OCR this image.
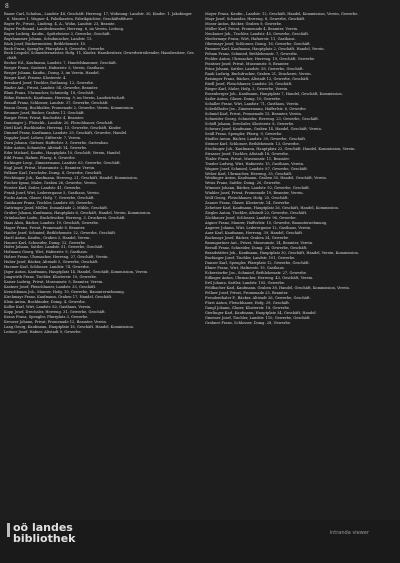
8
Bauer Carl, Schuhm., Landstr. 48, Geschäft: Herreng. 17, Wohnung: Landstr. 30, Kinder: 1. Jakobinger 6, Maurer 1, Wagner 4, Fabrikanten, Fabrikpächter, Geschäftsführer.
Bayer Fr., Privat., Lindeng. 4, A., Wohn. Landstr. 23, Beamte.
Bayer Ferdinand, Landesbeamter, Herreng. 6, im Verein, Leitung.
Bayer Ludwig, Kaufm., Spittelwiese 3, Gewerbe, Geschäft.
Bayrhammer Johann, Schuhmacher, Landstr. 13.
Bäck Josef, Bäckermeister, Bethlehemstr. 18.
Beck Franz, Spengler, Pfarrplatz 8, Gewerbe, Gewerbe.
Beck Leopold, Schneidermeister, Hofg. 11, Kinder, Hausbesitzer, Gewerbetreibender, Hausbesitzer, Geschäft.
Becker Ed., Kaufmann, Landstr. 7, Handelskammer, Geschäft.
Berger Franz, Gastwirt, Hafnerstr. 5, Verein, Gasthaus.
Berger Johann, Kaufm., Domg. 3, im Verein, Handel.
Berger Karl, Friseur, Klosterstr. 4.
Bernhard Josef, Tischler, Rathausg. 12, Gewerbe.
Binder Ant., Privat, Landstr. 54, Gewerbe, Beamter.
Blum Franz, Uhrmacher, Schmiedg. 18, Geschäft.
Böhm Heinrich, Kaufmann, Herreng. 9, im Verein, Landwirtschaft.
Brandl Franz, Schlosser, Landstr. 37, Gewerbe, Geschäft.
Braun Georg, Buchhalter, Promenade 2, Gewerbe, Verein, Kommission.
Brunner Josef, Bäcker, Graben 11, Geschäft.
Burger Peter, Privat, Bischofstr. 4, Beamter.
Danninger J., Fleischh., Landstr. 20, Fleischhauer, Geschäft.
Dietl Karl, Buchbinder, Herreng. 15, Gewerbe, Geschäft, Kinder.
Dimmel Franz, Kaufmann, Landstr. 29, Geschäft, Gewerbe, Handel.
Doppler Josef, Lehrer, Stifterstr. 7, Verein.
Dorn Johann, Gärtner, Hafferlstr. 3, Gewerbe, Gartenbau.
Eder Anton, Schneider, Altstadt 14, Gewerbe.
Eder Michael, Kaufm., Hauptplatz 10, Geschäft, Verein, Handel.
Eibl Franz, Hafner, Pfarrg. 6, Gewerbe.
Eichinger Leop., Zimmermann, Landstr. 63, Gewerbe, Geschäft.
Engl Josef, Privat, Museumstr. 2, Beamter, Verein.
Falkner Karl, Drechsler, Domg. 8, Gewerbe, Geschäft.
Feichtinger Joh., Kaufmann, Herreng. 21, Geschäft, Handel, Kommission.
Fischer Ignaz, Maler, Graben 26, Gewerbe, Verein.
Forster Karl, Seiler, Landstr. 41, Gewerbe.
Frank Josef, Wirt, Lederergasse 5, Gasthaus, Verein.
Fuchs Anton, Glaser, Hofg. 7, Gewerbe, Geschäft.
Gaisbauer Franz, Tischler, Landstr. 68, Gewerbe.
Gattringer Josef, Müller, Donaulände 2, Mühle, Geschäft.
Gruber Johann, Kaufmann, Hauptplatz 6, Geschäft, Handel, Verein, Kommission.
Grünbacher Ludw., Buchdrucker, Herreng. 3, Druckerei, Geschäft.
Haas Alois, Bäcker, Landstr. 19, Geschäft, Gewerbe.
Hager Franz, Privat, Promenade 8, Beamter.
Haider Josef, Schmied, Bethlehemstr. 22, Gewerbe, Geschäft.
Hartl Anton, Kaufm., Graben 3, Handel, Verein.
Hauser Karl, Schneider, Domg. 12, Gewerbe.
Hofer Johann, Sattler, Landstr. 51, Gewerbe, Geschäft.
Hofmann Georg, Wirt, Hafnerstr. 9, Gasthaus.
Holzer Franz, Uhrmacher, Herreng. 27, Geschäft, Verein.
Huber Josef, Bäcker, Altstadt 5, Gewerbe, Geschäft.
Huemer Karl, Schlosser, Landstr. 74, Gewerbe.
Jäger Anton, Kaufmann, Hauptplatz 14, Handel, Geschäft, Kommission, Verein.
Jungwirth Franz, Tischler, Klosterstr. 10, Gewerbe.
Kaiser Ludwig, Privat, Museumstr. 5, Beamter, Verein.
Kastner Josef, Fleischhauer, Landstr. 33, Geschäft.
Kerschbaum Joh., Maurer, Hofg. 19, Gewerbe, Bauunternehmung.
Kirchmayr Franz, Kaufmann, Graben 17, Handel, Geschäft.
Klein Anton, Buchbinder, Domg. 4, Gewerbe.
Koller Karl, Wirt, Landstr. 82, Gasthaus, Verein.
Kopp Josef, Drechsler, Herreng. 31, Gewerbe, Geschäft.
Kraus Franz, Spengler, Pfarrplatz 3, Gewerbe.
Kreuzer Johann, Privat, Promenade 12, Beamter, Verein.
Lang Georg, Kaufmann, Hauptplatz 18, Geschäft, Handel, Kommission.
Leitner Josef, Hafner, Altstadt 9, Gewerbe.
Mayer Franz, Kaufm., Landstr. 12, Geschäft, Handel, Kommission, Verein, Gewerbe.
Mayr Josef, Schneider, Herreng. 8, Gewerbe, Geschäft.
Moser Anton, Bäcker, Graben 9, Gewerbe.
Müller Karl, Privat, Promenade 4, Beamter, Verein.
Neubauer Joh., Tischler, Landstr. 45, Gewerbe, Geschäft.
Niedermayr Franz, Wirt, Hafnerstr. 11, Gasthaus.
Obermayr Josef, Schlosser, Domg. 16, Gewerbe, Geschäft.
Pammer Karl, Kaufmann, Hauptplatz 2, Geschäft, Handel, Verein.
Peham Franz, Schmied, Bethlehemstr. 7, Gewerbe.
Pichler Anton, Uhrmacher, Herreng. 19, Geschäft, Gewerbe.
Pointner Josef, Privat, Museumstr. 8, Beamter.
Prinz Johann, Sattler, Landstr. 58, Gewerbe, Geschäft.
Raab Ludwig, Buchdrucker, Graben 21, Druckerei, Verein.
Reisinger Franz, Bäcker, Altstadt 12, Gewerbe, Geschäft.
Riedl Josef, Fleischhauer, Landstr. 26, Geschäft.
Rieger Karl, Maler, Hofg. 3, Gewerbe, Verein.
Rosenberger Joh., Kaufmann, Hauptplatz 7, Handel, Geschäft, Kommission.
Sailer Anton, Glaser, Domg. 10, Gewerbe.
Schaller Franz, Wirt, Landstr. 71, Gasthaus, Verein.
Scheiblhofer Jos., Zimmermann, Hafferlstr. 6, Gewerbe.
Schmid Karl, Privat, Promenade 15, Beamter, Verein.
Schneider Georg, Schneider, Herreng. 23, Gewerbe, Geschäft.
Schöfl Johann, Drechsler, Klosterstr. 8, Gewerbe.
Schwarz Josef, Kaufmann, Graben 14, Handel, Geschäft, Verein.
Seidl Franz, Spengler, Pfarrg. 9, Gewerbe.
Stadler Anton, Bäcker, Landstr. 39, Gewerbe, Geschäft.
Steiner Karl, Schlosser, Bethlehemstr. 13, Gewerbe.
Stockinger Joh., Kaufmann, Hauptplatz 22, Geschäft, Handel, Kommission, Verein.
Strasser Josef, Tischler, Altstadt 18, Gewerbe.
Thaler Franz, Privat, Museumstr. 11, Beamter.
Traxler Ludwig, Wirt, Hafnerstr. 15, Gasthaus, Verein.
Wagner Josef, Schmied, Landstr. 87, Gewerbe, Geschäft.
Weber Karl, Uhrmacher, Herreng. 35, Geschäft.
Weidinger Anton, Kaufmann, Graben 30, Handel, Geschäft, Verein.
Weiss Franz, Sattler, Domg. 20, Gewerbe.
Wimmer Johann, Bäcker, Landstr. 92, Gewerbe, Geschäft.
Winkler Josef, Privat, Promenade 19, Beamter, Verein.
Wolf Georg, Fleischhauer, Hofg. 25, Geschäft.
Zauner Franz, Glaser, Klosterstr. 14, Gewerbe.
Zehetner Karl, Kaufmann, Hauptplatz 26, Geschäft, Handel, Kommission.
Ziegler Anton, Tischler, Altstadt 22, Gewerbe, Geschäft.
Zöchbauer Josef, Schlosser, Landstr. 96, Gewerbe.
Aigner Franz, Maurer, Hafferlstr. 10, Gewerbe, Bauunternehmung.
Angerer Johann, Wirt, Lederergasse 12, Gasthaus, Verein.
Auer Karl, Kaufmann, Herreng. 39, Handel, Geschäft.
Bachmayr Josef, Bäcker, Graben 34, Gewerbe.
Baumgartner Ant., Privat, Museumstr. 14, Beamter, Verein.
Berndl Franz, Schneider, Domg. 24, Gewerbe, Geschäft.
Brandstätter Joh., Kaufmann, Hauptplatz 30, Geschäft, Handel, Verein, Kommission.
Buchinger Josef, Tischler, Landstr. 101, Gewerbe.
Danzer Karl, Spengler, Pfarrplatz 12, Gewerbe, Geschäft.
Ebner Franz, Wirt, Hafnerstr. 19, Gasthaus.
Eckerstorfer Jos., Schmied, Bethlehemstr. 27, Gewerbe.
Edlinger Anton, Uhrmacher, Herreng. 43, Geschäft, Verein.
Ertl Johann, Sattler, Landstr. 105, Gewerbe.
Feldbacher Karl, Kaufmann, Graben 38, Handel, Geschäft, Kommission, Verein.
Fellner Josef, Privat, Promenade 23, Beamter.
Freudenthaler F., Bäcker, Altstadt 26, Gewerbe, Geschäft.
Fürst Anton, Fleischhauer, Hofg. 29, Geschäft.
Gangl Johann, Glaser, Klosterstr. 18, Gewerbe.
Gierlinger Karl, Kaufmann, Hauptplatz 34, Geschäft, Handel.
Gmeiner Josef, Tischler, Landstr. 110, Gewerbe, Geschäft.
Grabner Franz, Schlosser, Domg. 28, Gewerbe.
oö landes
bibliothek	intranda viewer
